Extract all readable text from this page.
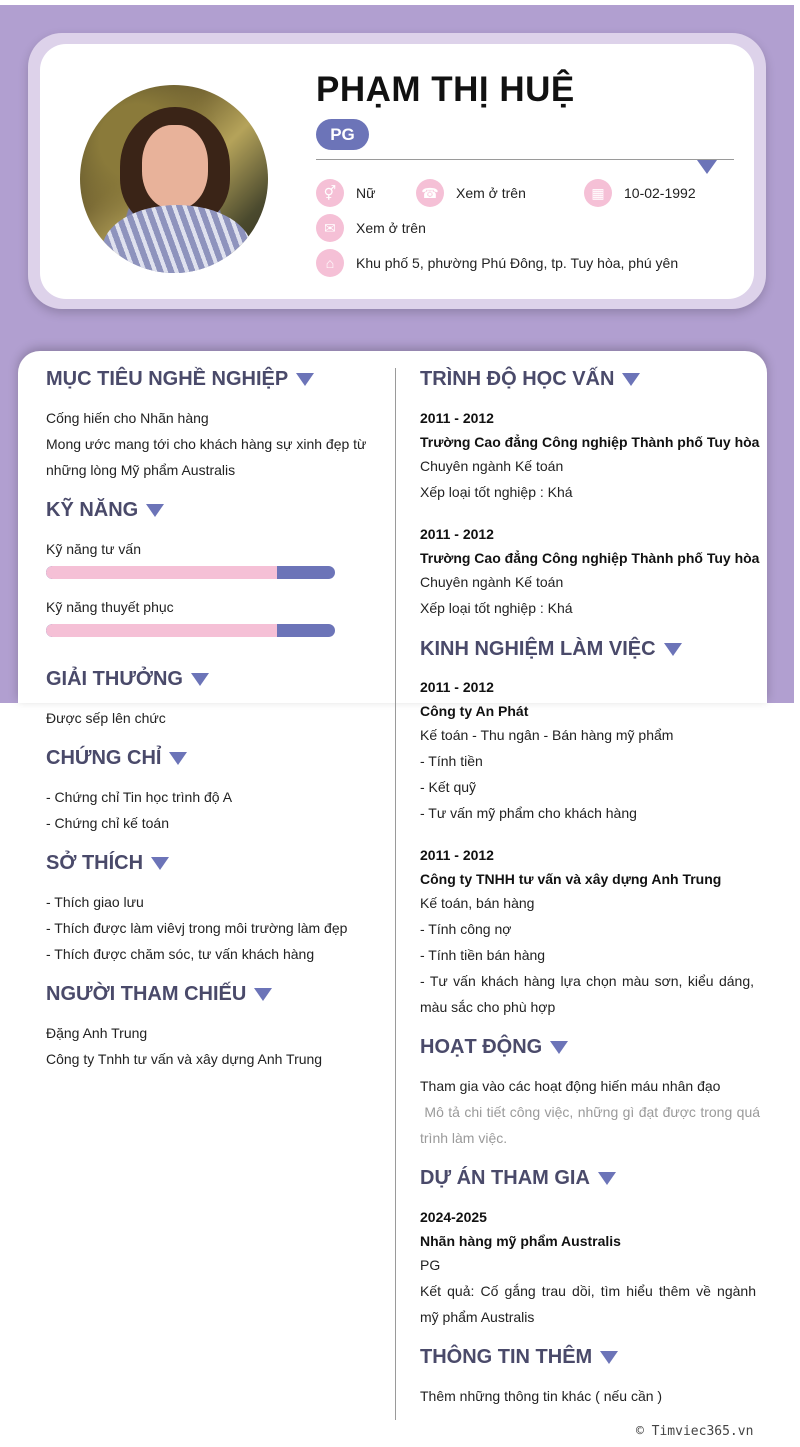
PHẠM THỊ HUỆ
PG
⚥	Nữ	☎	Xem ở trên	▦	10-02-1992
✉	Xem ở trên
⌂	Khu phố 5, phường Phú Đông, tp. Tuy hòa, phú yên
MỤC TIÊU NGHỀ NGHIỆP
Cống hiến cho Nhãn hàng
Mong ước mang tới cho khách hàng sự xinh đẹp từ
những lòng Mỹ phẩm Australis
KỸ NĂNG
Kỹ năng tư vấn
Kỹ năng thuyết phục
GIẢI THƯỞNG
Được sếp lên chức
CHỨNG CHỈ
- Chứng chỉ Tin học trình độ A
- Chứng chỉ kế toán
SỞ THÍCH
- Thích giao lưu
- Thích được làm viêvj trong môi trường làm đẹp
- Thích được chăm sóc, tư vấn khách hàng
NGƯỜI THAM CHIẾU
Đặng Anh Trung
Công ty Tnhh tư vấn và xây dựng Anh Trung
TRÌNH ĐỘ HỌC VẤN
2011 - 2012
Trường Cao đẳng Công nghiệp Thành phố Tuy hòa
Chuyên ngành Kế toán
Xếp loại tốt nghiệp : Khá
2011 - 2012
Trường Cao đẳng Công nghiệp Thành phố Tuy hòa
Chuyên ngành Kế toán
Xếp loại tốt nghiệp : Khá
KINH NGHIỆM LÀM VIỆC
2011 - 2012
Công ty An Phát
Kế toán - Thu ngân - Bán hàng mỹ phẩm
- Tính tiền
- Kết quỹ
- Tư vấn mỹ phẩm cho khách hàng
2011 - 2012
Công ty TNHH tư vấn và xây dựng Anh Trung
Kế toán, bán hàng
- Tính công nợ
- Tính tiền bán hàng
- Tư vấn khách hàng lựa chọn màu sơn, kiểu dáng, màu sắc cho phù hợp
HOẠT ĐỘNG
Tham gia vào các hoạt động hiến máu nhân đạo
Mô tả chi tiết công việc, những gì đạt được trong quá trình làm việc.
DỰ ÁN THAM GIA
2024-2025
Nhãn hàng mỹ phẩm Australis
PG
Kết quả: Cố gắng trau dồi, tìm hiểu thêm về ngành mỹ phẩm Australis
THÔNG TIN THÊM
Thêm những thông tin khác ( nếu cần )
© Timviec365.vn
